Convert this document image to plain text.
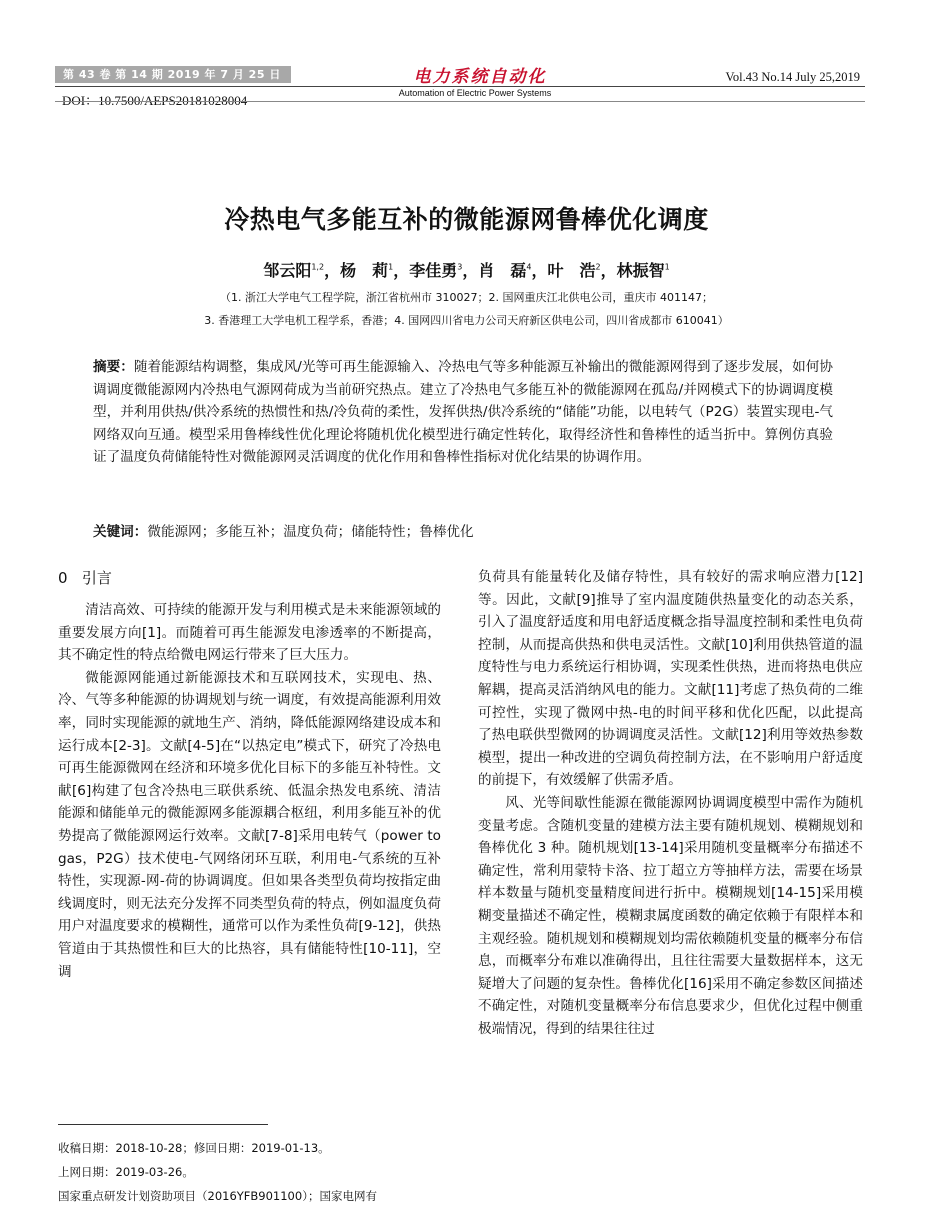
第 43 卷 第 14 期 2019 年 7 月 25 日
DOI：10.7500/AEPS20181028004
电力系统自动化
Automation of Electric Power Systems
Vol.43 No.14 July 25,2019
冷热电气多能互补的微能源网鲁棒优化调度
邹云阳$^{1,2}$，杨　莉$^1$，李佳勇$^3$，肖　磊$^4$，叶　浩$^2$，林振智$^1$
（1. 浙江大学电气工程学院，浙江省杭州市 310027；2. 国网重庆江北供电公司，重庆市 401147；
3. 香港理工大学电机工程学系，香港；4. 国网四川省电力公司天府新区供电公司，四川省成都市 610041）
摘要：随着能源结构调整，集成风/光等可再生能源输入、冷热电气等多种能源互补输出的微能源网得到了逐步发展，如何协调调度微能源网内冷热电气源网荷成为当前研究热点。建立了冷热电气多能互补的微能源网在孤岛/并网模式下的协调调度模型，并利用供热/供冷系统的热惯性和热/冷负荷的柔性，发挥供热/供冷系统的“储能”功能，以电转气（P2G）装置实现电-气网络双向互通。模型采用鲁棒线性优化理论将随机优化模型进行确定性转化，取得经济性和鲁棒性的适当折中。算例仿真验证了温度负荷储能特性对微能源网灵活调度的优化作用和鲁棒性指标对优化结果的协调作用。
关键词：微能源网；多能互补；温度负荷；储能特性；鲁棒优化
0 引言

清洁高效、可持续的能源开发与利用模式是未来能源领域的重要发展方向[1]。而随着可再生能源发电渗透率的不断提高，其不确定性的特点给微电网运行带来了巨大压力。

微能源网能通过新能源技术和互联网技术，实现电、热、冷、气等多种能源的协调规划与统一调度，有效提高能源利用效率，同时实现能源的就地生产、消纳，降低能源网络建设成本和运行成本[2-3]。文献[4-5]在“以热定电”模式下，研究了冷热电可再生能源微网在经济和环境多优化目标下的多能互补特性。文献[6]构建了包含冷热电三联供系统、低温余热发电系统、清洁能源和储能单元的微能源网多能源耦合枢纽，利用多能互补的优势提高了微能源网运行效率。文献[7-8]采用电转气（power to gas，P2G）技术使电-气网络闭环互联，利用电-气系统的互补特性，实现源-网-荷的协调调度。但如果各类型负荷均按指定曲线调度时，则无法充分发挥不同类型负荷的特点，例如温度负荷用户对温度要求的模糊性，通常可以作为柔性负荷[9-12]，供热管道由于其热惯性和巨大的比热容，具有储能特性[10-11]，空调

负荷具有能量转化及储存特性，具有较好的需求响应潜力[12]等。因此，文献[9]推导了室内温度随供热量变化的动态关系，引入了温度舒适度和用电舒适度概念指导温度控制和柔性电负荷控制，从而提高供热和供电灵活性。文献[10]利用供热管道的温度特性与电力系统运行相协调，实现柔性供热，进而将热电供应解耦，提高灵活消纳风电的能力。文献[11]考虑了热负荷的二维可控性，实现了微网中热-电的时间平移和优化匹配，以此提高了热电联供型微网的协调调度灵活性。文献[12]利用等效热参数模型，提出一种改进的空调负荷控制方法，在不影响用户舒适度的前提下，有效缓解了供需矛盾。

风、光等间歇性能源在微能源网协调调度模型中需作为随机变量考虑。含随机变量的建模方法主要有随机规划、模糊规划和鲁棒优化 3 种。随机规划[13-14]采用随机变量概率分布描述不确定性，常利用蒙特卡洛、拉丁超立方等抽样方法，需要在场景样本数量与随机变量精度间进行折中。模糊规划[14-15]采用模糊变量描述不确定性，模糊隶属度函数的确定依赖于有限样本和主观经验。随机规划和模糊规划均需依赖随机变量的概率分布信息，而概率分布难以准确得出，且往往需要大量数据样本，这无疑增大了问题的复杂性。鲁棒优化[16]采用不确定参数区间描述不确定性，对随机变量概率分布信息要求少，但优化过程中侧重极端情况，得到的结果往往过

收稿日期：2018-10-28；修回日期：2019-01-13。
上网日期：2019-03-26。
国家重点研发计划资助项目（2016YFB901100）；国家电网有
